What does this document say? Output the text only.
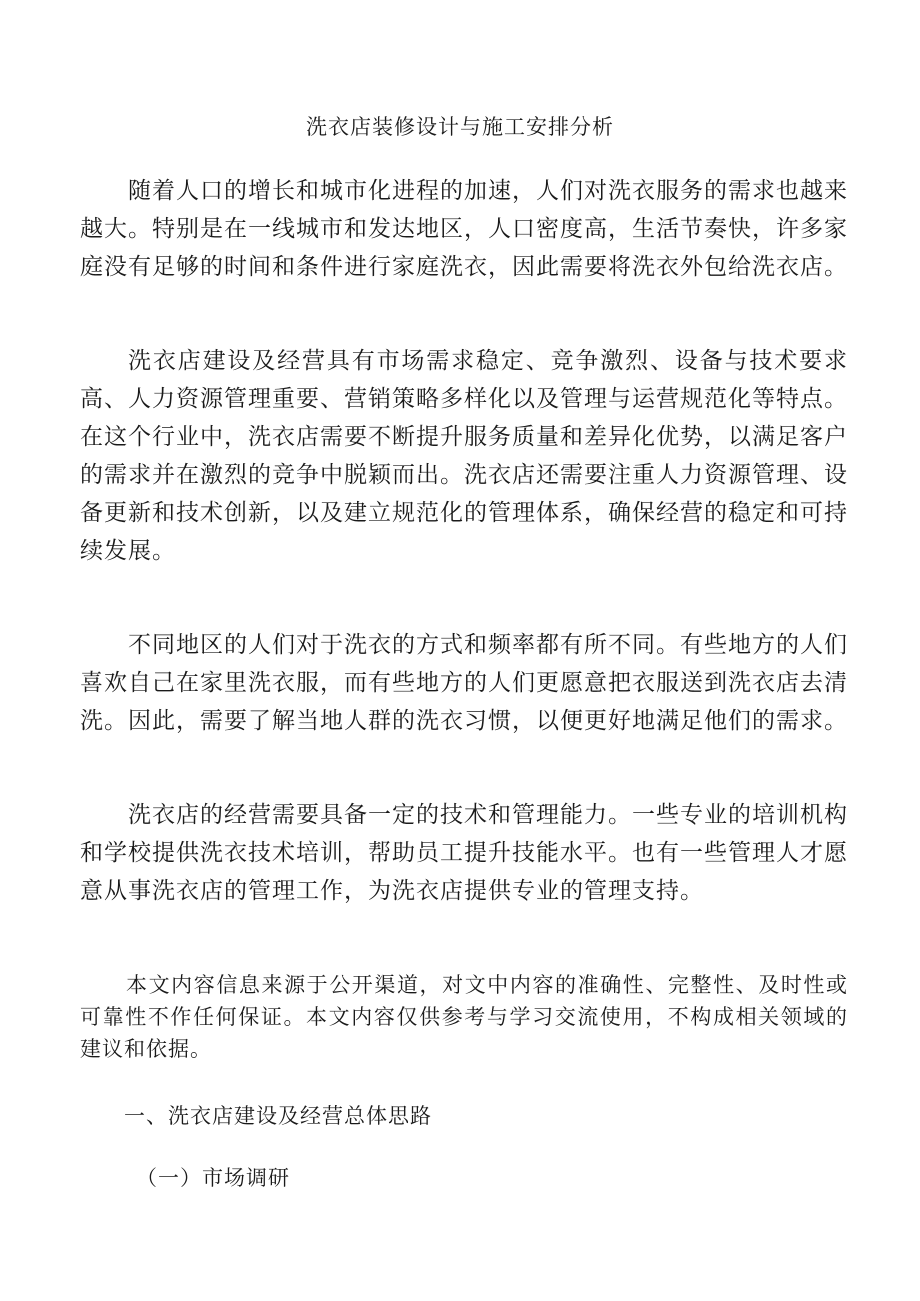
洗衣店装修设计与施工安排分析

随着人口的增长和城市化进程的加速，人们对洗衣服务的需求也越来越大。特别是在一线城市和发达地区，人口密度高，生活节奏快，许多家庭没有足够的时间和条件进行家庭洗衣，因此需要将洗衣外包给洗衣店。

洗衣店建设及经营具有市场需求稳定、竞争激烈、设备与技术要求高、人力资源管理重要、营销策略多样化以及管理与运营规范化等特点。在这个行业中，洗衣店需要不断提升服务质量和差异化优势，以满足客户的需求并在激烈的竞争中脱颖而出。洗衣店还需要注重人力资源管理、设备更新和技术创新，以及建立规范化的管理体系，确保经营的稳定和可持续发展。

不同地区的人们对于洗衣的方式和频率都有所不同。有些地方的人们喜欢自己在家里洗衣服，而有些地方的人们更愿意把衣服送到洗衣店去清洗。因此，需要了解当地人群的洗衣习惯，以便更好地满足他们的需求。

洗衣店的经营需要具备一定的技术和管理能力。一些专业的培训机构和学校提供洗衣技术培训，帮助员工提升技能水平。也有一些管理人才愿意从事洗衣店的管理工作，为洗衣店提供专业的管理支持。

本文内容信息来源于公开渠道，对文中内容的准确性、完整性、及时性或可靠性不作任何保证。本文内容仅供参考与学习交流使用，不构成相关领域的建议和依据。

一、洗衣店建设及经营总体思路
（一）市场调研
